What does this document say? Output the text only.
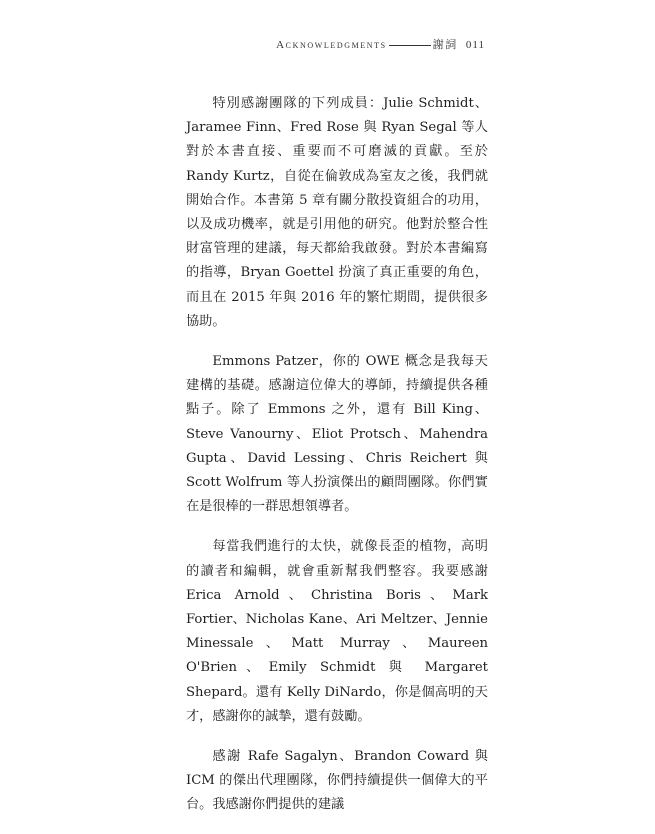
Acknowledgments	謝詞 011

特別感謝團隊的下列成員：Julie Schmidt、Jaramee Finn、Fred Rose 與 Ryan Segal 等人對於本書直接、重要而不可磨滅的貢獻。至於 Randy Kurtz，自從在倫敦成為室友之後，我們就開始合作。本書第 5 章有關分散投資組合的功用，以及成功機率，就是引用他的研究。他對於整合性財富管理的建議，每天都給我啟發。對於本書編寫的指導，Bryan Goettel 扮演了真正重要的角色，而且在 2015 年與 2016 年的繁忙期間，提供很多協助。

Emmons Patzer，你的 OWE 概念是我每天建構的基礎。感謝這位偉大的導師，持續提供各種點子。除了 Emmons 之外，還有 Bill King、Steve Vanourny、Eliot Protsch、Mahendra Gupta、David Lessing、Chris Reichert 與 Scott Wolfrum 等人扮演傑出的顧問團隊。你們實在是很棒的一群思想領導者。

每當我們進行的太快，就像長歪的植物，高明的讀者和編輯，就會重新幫我們整容。我要感謝 Erica Arnold、Christina Boris、Mark Fortier、Nicholas Kane、Ari Meltzer、Jennie Minessale、Matt Murray、Maureen O'Brien、Emily Schmidt 與 Margaret Shepard。還有 Kelly DiNardo，你是個高明的天才，感謝你的誠摯，還有鼓勵。

感謝 Rafe Sagalyn、Brandon Coward 與 ICM 的傑出代理團隊，你們持續提供一個偉大的平台。我感謝你們提供的建議
